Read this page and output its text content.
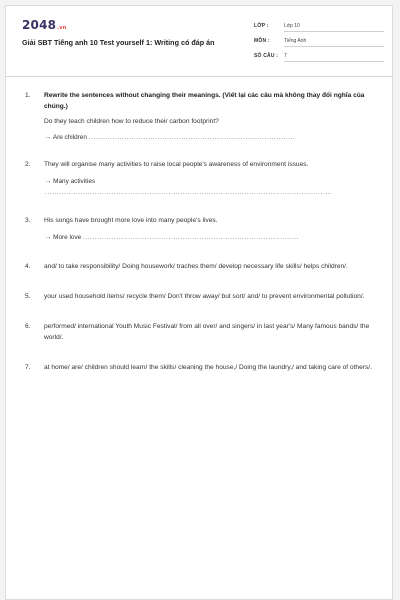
2048.vn
Giải SBT Tiếng anh 10 Test yourself 1: Writing có đáp án
LỚP :	Lớp 10
MÔN :	Tiếng Anh
SỐ CÂU : 7
1. Rewrite the sentences without changing their meanings. (Viết lại các câu mà không thay đổi nghĩa của chúng.)
Do they teach children how to reduce their carbon footprint?
→ Are children .......................................................................................
2. They will organise many activities to raise local people's awareness of environment issues.
→ Many activities .........................................................................................................................
3. His songs have brought more love into many people's lives.
→ More love ...........................................................................................
4. and/ to take responsibility/ Doing housework/ traches them/ develop necessary life skills/ helps children/.
5. your used household items/ recycle them/ Don't throw away/ but sort/ and/ to prevent environmental pollution/.
6. performed/ international Youth Music Festival/ from all over/ and singers/ in last year's/ Many famous bands/ the world/.
7. at home/ are/ children should learn/ the skills/ cleaning the house,/ Doing the laundry,/ and taking care of others/.
